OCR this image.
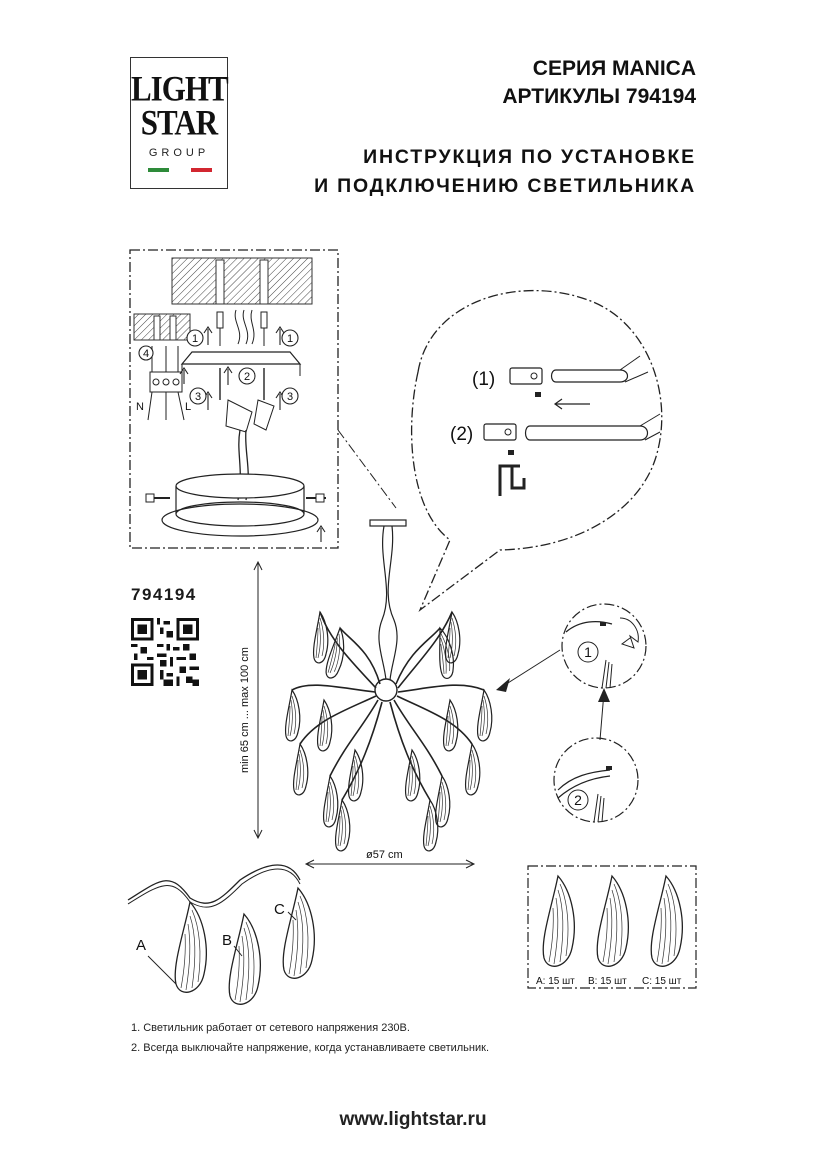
LIGHT
STAR
GROUP
СЕРИЯ MANICA
АРТИКУЛЫ 794194
ИНСТРУКЦИЯ ПО УСТАНОВКЕ
И ПОДКЛЮЧЕНИЮ СВЕТИЛЬНИКА
1	1
4
2
3	3
N	L
(1)
(2)
min 65 cm ... max 100 cm
ø57 cm
1
2
A	B
C
A: 15 шт B: 15 шт C: 15 шт
794194
1. Светильник работает от сетевого напряжения 230В.
2. Всегда выключайте напряжение, когда устанавливаете светильник.
www.lightstar.ru
